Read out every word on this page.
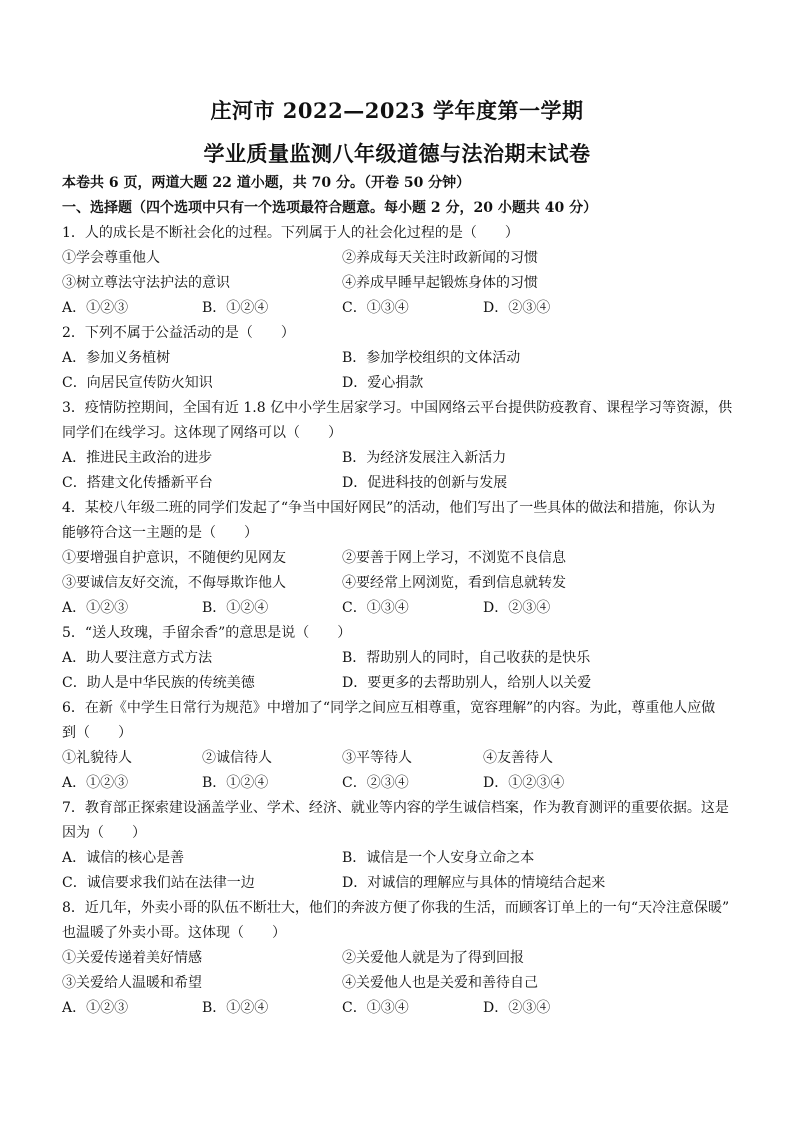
庄河市 2022—2023 学年度第一学期
学业质量监测八年级道德与法治期末试卷
本卷共 6 页，两道大题 22 道小题，共 70 分。（开卷 50 分钟）
一、选择题（四个选项中只有一个选项最符合题意。每小题 2 分，20 小题共 40 分）
1．人的成长是不断社会化的过程。下列属于人的社会化过程的是（　　）
①学会尊重他人	②养成每天关注时政新闻的习惯
③树立尊法守法护法的意识	④养成早睡早起锻炼身体的习惯
A．①②③	B．①②④	C．①③④	D．②③④
2．下列不属于公益活动的是（　　）
A．参加义务植树	B．参加学校组织的文体活动
C．向居民宣传防火知识	D．爱心捐款
3．疫情防控期间，全国有近 1.8 亿中小学生居家学习。中国网络云平台提供防疫教育、课程学习等资源，供
同学们在线学习。这体现了网络可以（　　）
A．推进民主政治的进步	B．为经济发展注入新活力
C．搭建文化传播新平台	D．促进科技的创新与发展
4．某校八年级二班的同学们发起了“争当中国好网民”的活动，他们写出了一些具体的做法和措施，你认为
能够符合这一主题的是（　　）
①要增强自护意识，不随便约见网友	②要善于网上学习，不浏览不良信息
③要诚信友好交流，不侮辱欺诈他人	④要经常上网浏览，看到信息就转发
A．①②③	B．①②④	C．①③④	D．②③④
5．“送人玫瑰，手留余香”的意思是说（　　）
A．助人要注意方式方法	B．帮助别人的同时，自己收获的是快乐
C．助人是中华民族的传统美德	D．要更多的去帮助别人，给别人以关爱
6．在新《中学生日常行为规范》中增加了“同学之间应互相尊重，宽容理解”的内容。为此，尊重他人应做
到（　　）
①礼貌待人	②诚信待人	③平等待人	④友善待人
A．①②③	B．①②④	C．②③④	D．①②③④
7．教育部正探索建设涵盖学业、学术、经济、就业等内容的学生诚信档案，作为教育测评的重要依据。这是
因为（　　）
A．诚信的核心是善	B．诚信是一个人安身立命之本
C．诚信要求我们站在法律一边	D．对诚信的理解应与具体的情境结合起来
8．近几年，外卖小哥的队伍不断壮大，他们的奔波方便了你我的生活，而顾客订单上的一句“天冷注意保暖”
也温暖了外卖小哥。这体现（　　）
①关爱传递着美好情感	②关爱他人就是为了得到回报
③关爱给人温暖和希望	④关爱他人也是关爱和善待自己
A．①②③	B．①②④	C．①③④	D．②③④
